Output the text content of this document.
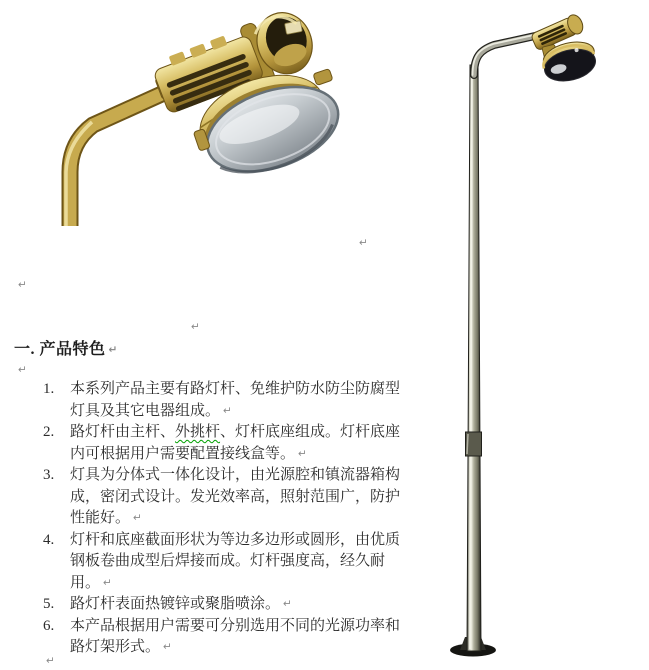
↵
↵
↵
↵
↵
一. 产品特色 ↵
1.	本系列产品主要有路灯杆、免维护防水防尘防腐型灯具及其它电器组成。 ↵
2.	路灯杆由主杆、外挑杆、灯杆底座组成。灯杆底座内可根据用户需要配置接线盒等。 ↵
3.	灯具为分体式一体化设计，由光源腔和镇流器箱构成，密闭式设计。发光效率高，照射范围广，防护性能好。 ↵
4.	灯杆和底座截面形状为等边多边形或圆形，由优质钢板卷曲成型后焊接而成。灯杆强度高，经久耐用。 ↵
5.	路灯杆表面热镀锌或聚脂喷涂。 ↵
6.	本产品根据用户需要可分别选用不同的光源功率和路灯架形式。 ↵
